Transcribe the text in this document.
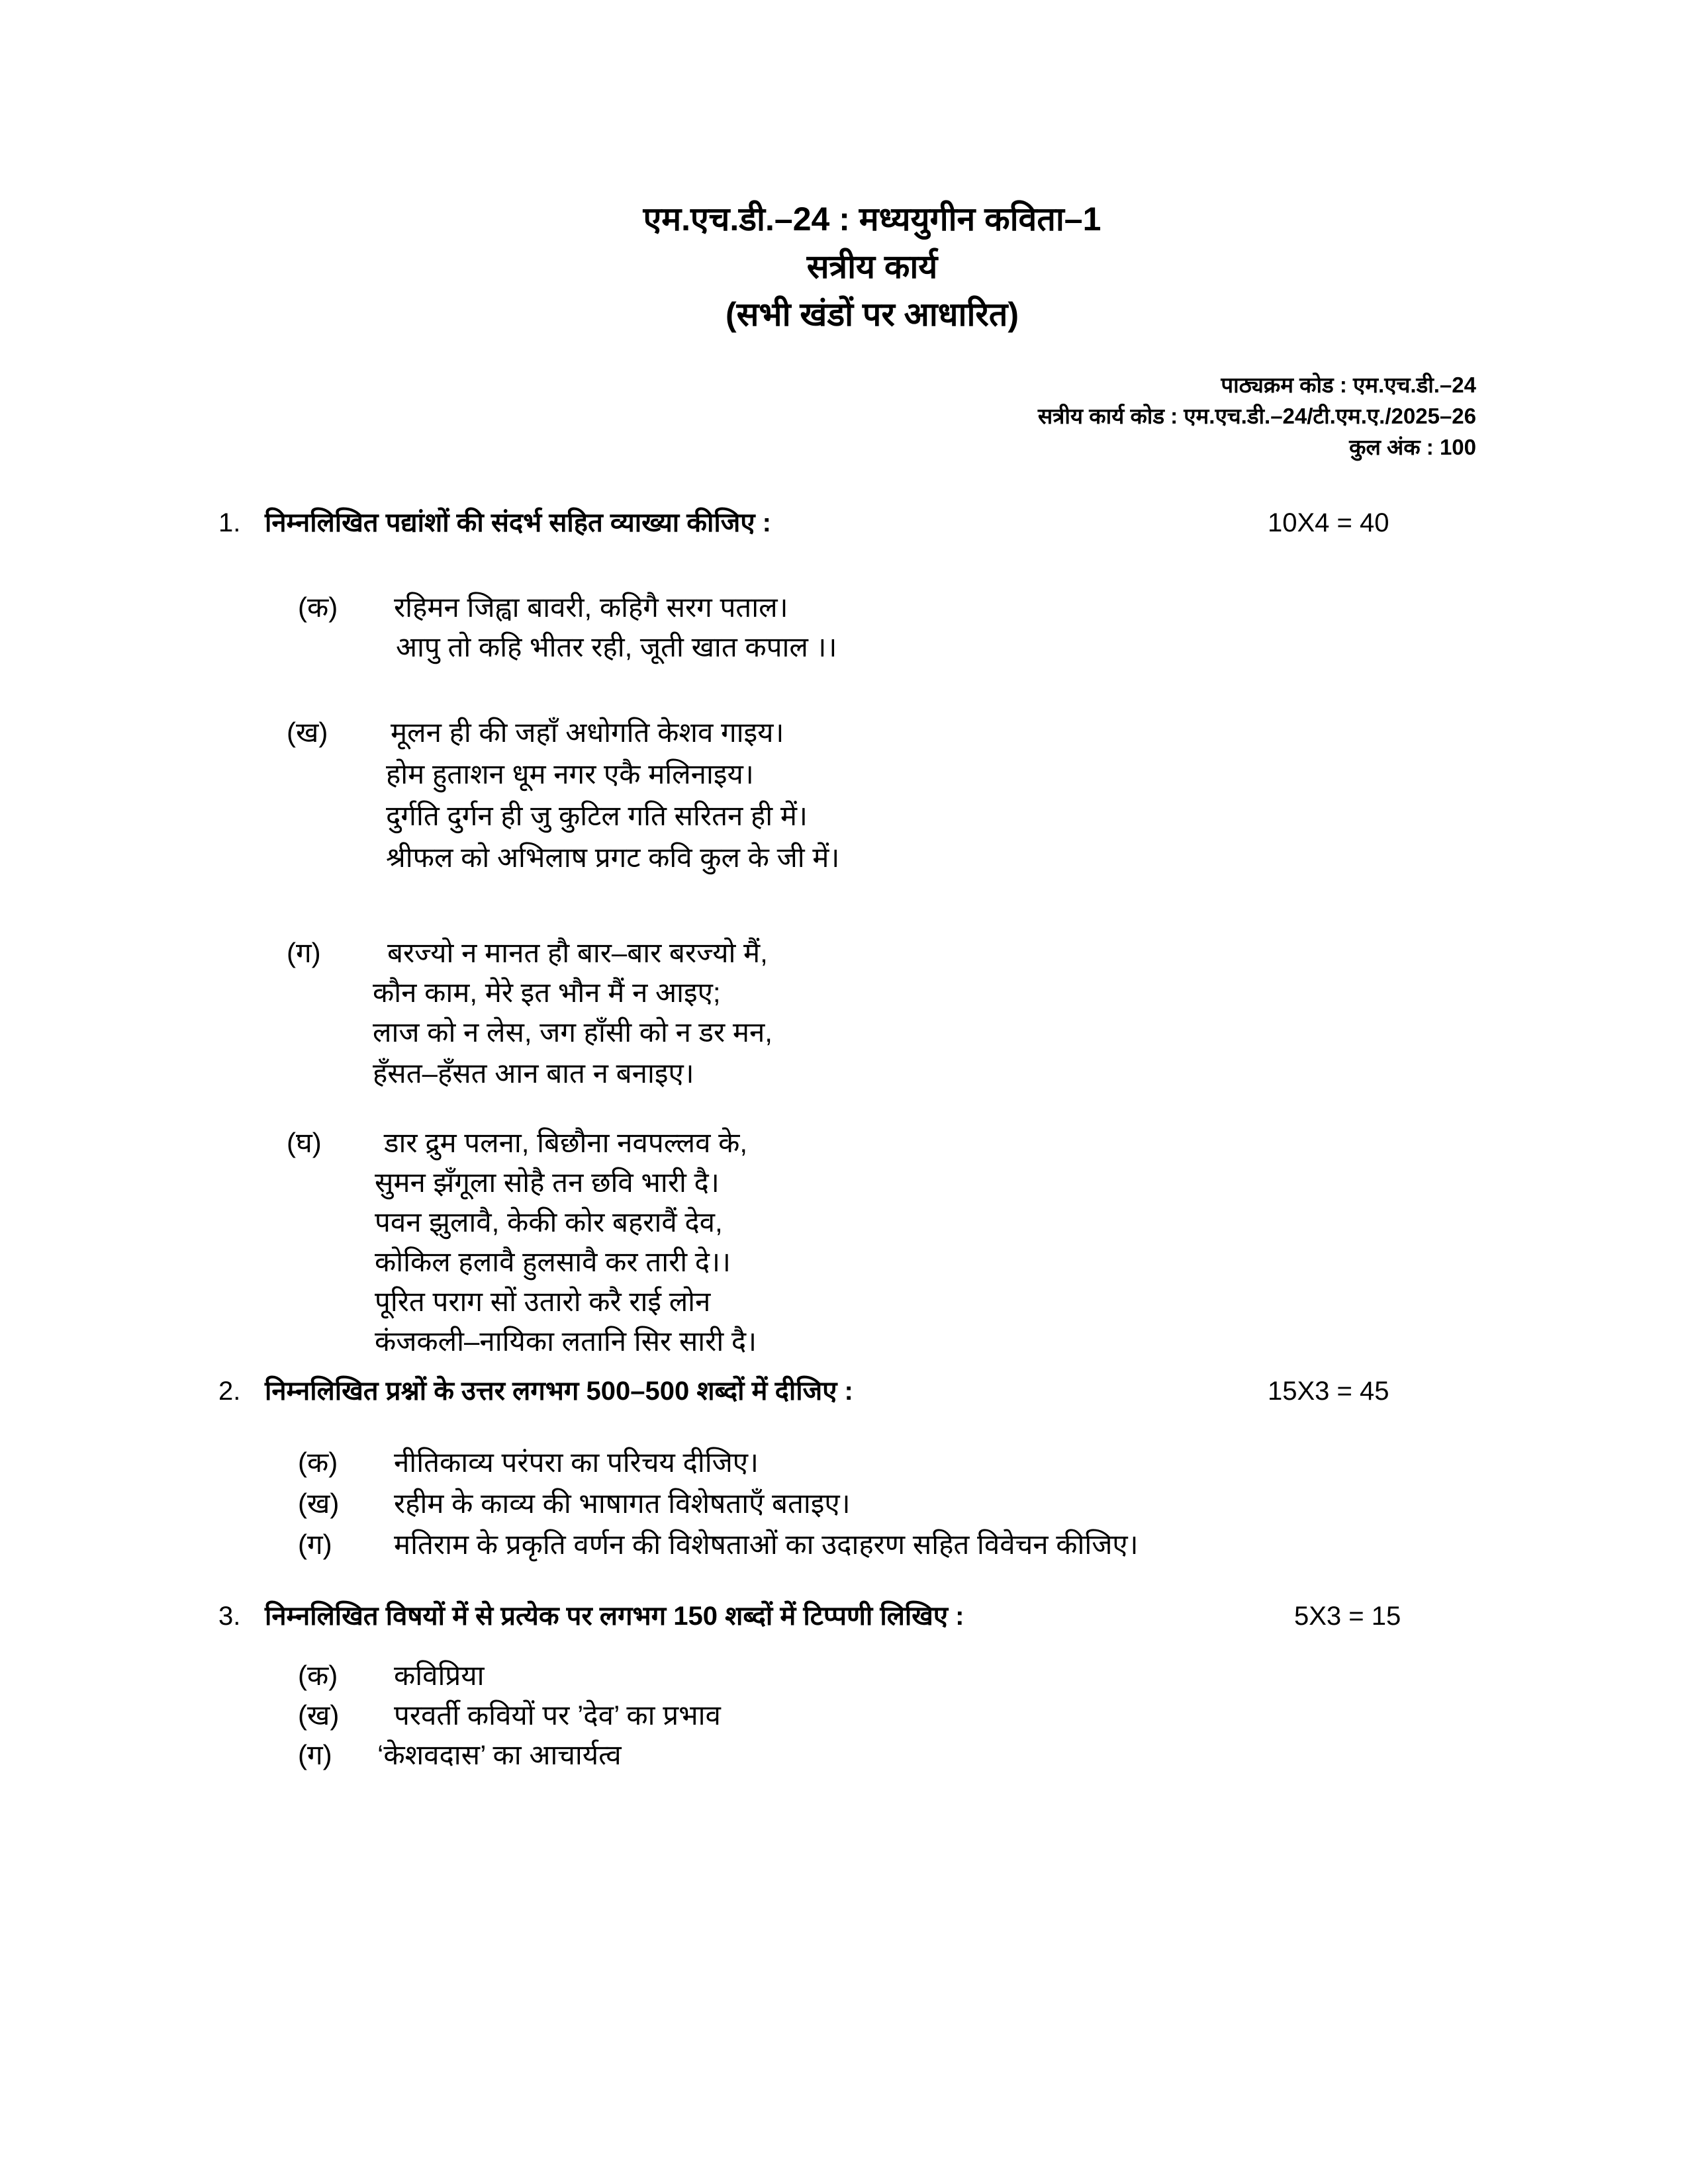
एम.एच.डी.–24 : मध्ययुगीन कविता–1
सत्रीय कार्य
(सभी खंडों पर आधारित)
पाठ्यक्रम कोड : एम.एच.डी.–24
सत्रीय कार्य कोड : एम.एच.डी.–24/टी.एम.ए./2025–26
कुल अंक : 100
1. निम्नलिखित पद्यांशों की संदर्भ सहित व्याख्या कीजिए :	10X4 = 40
(क) रहिमन जिह्वा बावरी, कहिगै सरग पताल।
आपु तो कहि भीतर रही, जूती खात कपाल ।।
(ख) मूलन ही की जहाँ अधोगति केशव गाइय।
होम हुताशन धूम नगर एकै मलिनाइय।
दुर्गति दुर्गन ही जु कुटिल गति सरितन ही में।
श्रीफल को अभिलाष प्रगट कवि कुल के जी में।
(ग) बरज्यो न मानत हौ बार–बार बरज्यो मैं,
कौन काम, मेरे इत भौन मैं न आइए;
लाज को न लेस, जग हाँसी को न डर मन,
हँसत–हँसत आन बात न बनाइए।
(घ) डार द्रुम पलना, बिछौना नवपल्लव के,
सुमन झँगूला सोहै तन छवि भारी दै।
पवन झुलावै, केकी कोर बहरावैं देव,
कोकिल हलावै हुलसावै कर तारी दे।।
पूरित पराग सों उतारो करै राई लोन
कंजकली–नायिका लतानि सिर सारी दै।
2. निम्नलिखित प्रश्नों के उत्तर लगभग 500–500 शब्दों में दीजिए :	15X3 = 45
(क) नीतिकाव्य परंपरा का परिचय दीजिए।
(ख) रहीम के काव्य की भाषागत विशेषताएँ बताइए।
(ग) मतिराम के प्रकृति वर्णन की विशेषताओं का उदाहरण सहित विवेचन कीजिए।
3. निम्नलिखित विषयों में से प्रत्येक पर लगभग 150 शब्दों में टिप्पणी लिखिए :	5X3 = 15
(क) कविप्रिया
(ख) परवर्ती कवियों पर ’देव’ का प्रभाव
(ग) ‘केशवदास’ का आचार्यत्व
